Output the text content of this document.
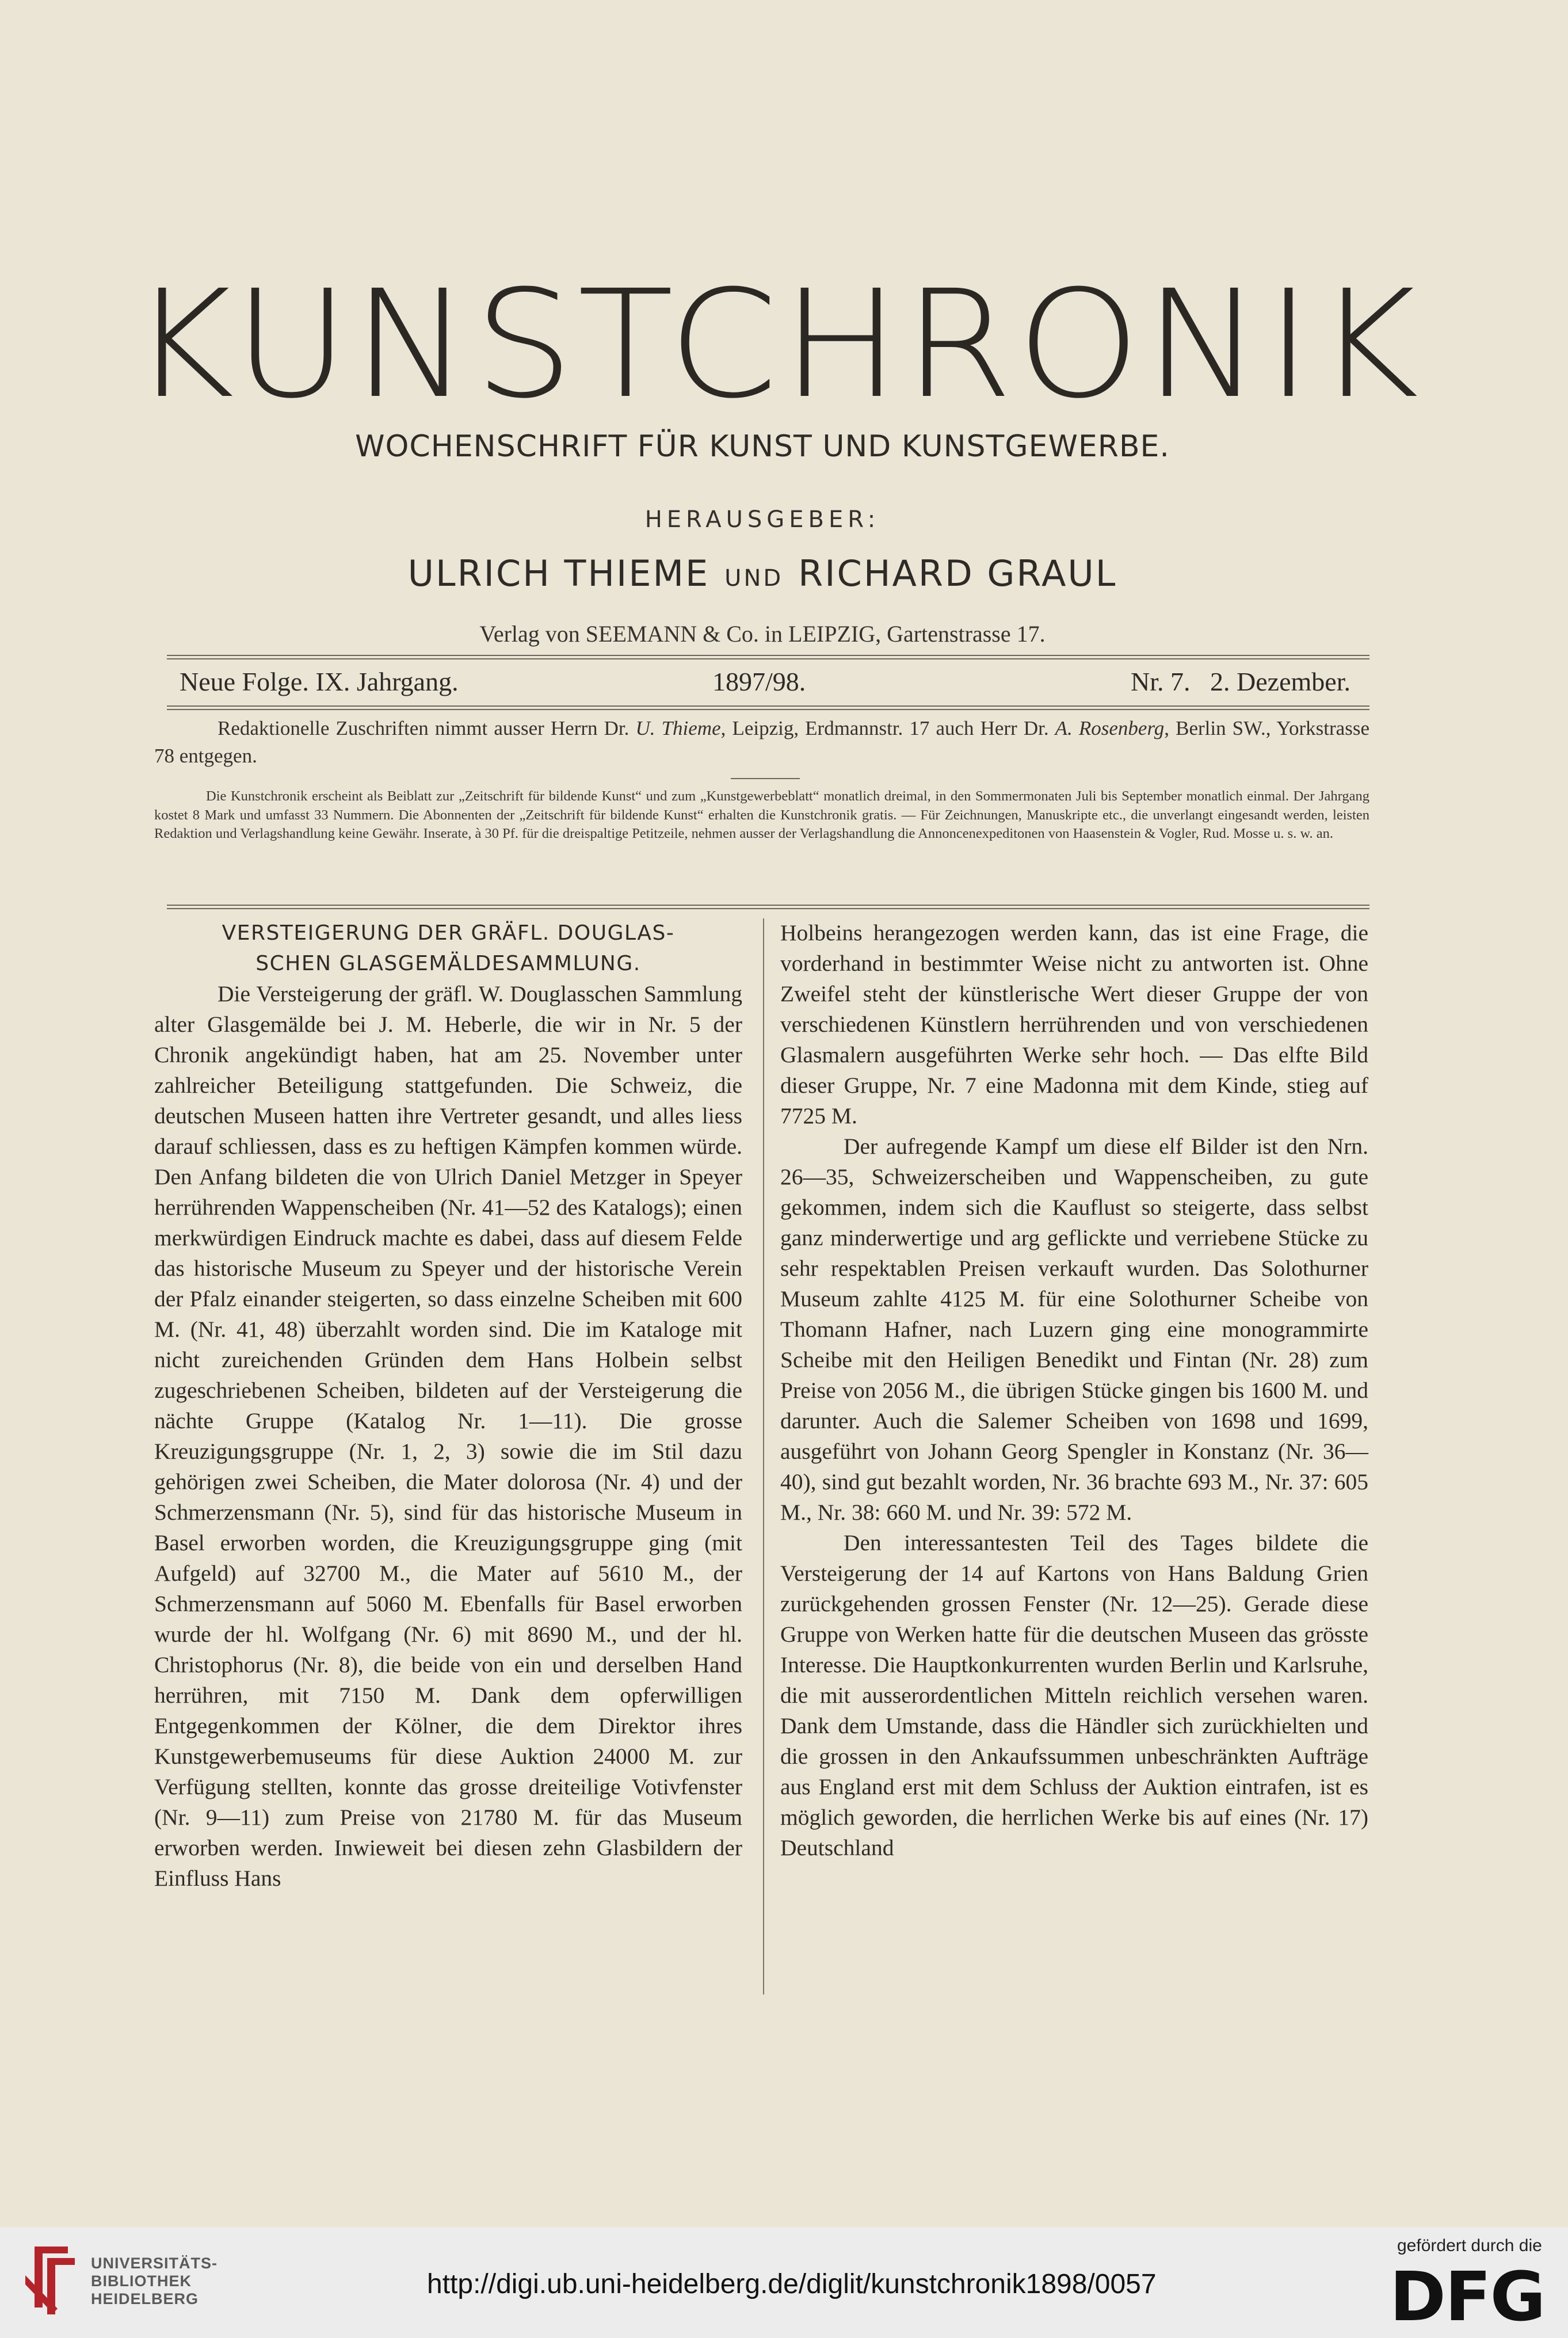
KUNSTCHRONIK
WOCHENSCHRIFT FÜR KUNST UND KUNSTGEWERBE.
HERAUSGEBER:
ULRICH THIEME UND RICHARD GRAUL
Verlag von SEEMANN & Co. in LEIPZIG, Gartenstrasse 17.
Neue Folge. IX. Jahrgang.	1897/98.	Nr. 7.   2. Dezember.
Redaktionelle Zuschriften nimmt ausser Herrn Dr. U. Thieme, Leipzig, Erdmannstr. 17 auch Herr Dr. A. Rosenberg, Berlin SW., Yorkstrasse 78 entgegen.
Die Kunstchronik erscheint als Beiblatt zur „Zeitschrift für bildende Kunst“ und zum „Kunstgewerbeblatt“ monatlich dreimal, in den Sommermonaten Juli bis September monatlich einmal. Der Jahrgang kostet 8 Mark und umfasst 33 Nummern. Die Abonnenten der „Zeitschrift für bildende Kunst“ erhalten die Kunstchronik gratis. — Für Zeichnungen, Manuskripte etc., die unverlangt eingesandt werden, leisten Redaktion und Verlagshandlung keine Gewähr. Inserate, à 30 Pf. für die dreispaltige Petitzeile, nehmen ausser der Verlagshandlung die Annoncenexpeditonen von Haasenstein & Vogler, Rud. Mosse u. s. w. an.
VERSTEIGERUNG DER GRÄFL. DOUGLAS-
SCHEN GLASGEMÄLDESAMMLUNG.

Die Versteigerung der gräfl. W. Douglasschen Sammlung alter Glasgemälde bei J. M. Heberle, die wir in Nr. 5 der Chronik angekündigt haben, hat am 25. November unter zahlreicher Beteiligung stattgefunden. Die Schweiz, die deutschen Museen hatten ihre Vertreter gesandt, und alles liess darauf schliessen, dass es zu heftigen Kämpfen kommen würde. Den Anfang bildeten die von Ulrich Daniel Metzger in Speyer herrührenden Wappenscheiben (Nr. 41—52 des Katalogs); einen merkwürdigen Eindruck machte es dabei, dass auf diesem Felde das historische Museum zu Speyer und der historische Verein der Pfalz einander steigerten, so dass einzelne Scheiben mit 600 M. (Nr. 41, 48) überzahlt worden sind. Die im Kataloge mit nicht zureichenden Gründen dem Hans Holbein selbst zugeschriebenen Scheiben, bildeten auf der Versteigerung die nächte Gruppe (Katalog Nr. 1—11). Die grosse Kreuzigungsgruppe (Nr. 1, 2, 3) sowie die im Stil dazu gehörigen zwei Scheiben, die Mater dolorosa (Nr. 4) und der Schmerzensmann (Nr. 5), sind für das historische Museum in Basel erworben worden, die Kreuzigungsgruppe ging (mit Aufgeld) auf 32700 M., die Mater auf 5610 M., der Schmerzensmann auf 5060 M. Ebenfalls für Basel erworben wurde der hl. Wolfgang (Nr. 6) mit 8690 M., und der hl. Christophorus (Nr. 8), die beide von ein und derselben Hand herrühren, mit 7150 M. Dank dem opferwilligen Entgegenkommen der Kölner, die dem Direktor ihres Kunstgewerbemuseums für diese Auktion 24000 M. zur Verfügung stellten, konnte das grosse dreiteilige Votivfenster (Nr. 9—11) zum Preise von 21780 M. für das Museum erworben werden. Inwieweit bei diesen zehn Glasbildern der Einfluss Hans

Holbeins herangezogen werden kann, das ist eine Frage, die vorderhand in bestimmter Weise nicht zu antworten ist. Ohne Zweifel steht der künstlerische Wert dieser Gruppe der von verschiedenen Künstlern herrührenden und von verschiedenen Glasmalern ausgeführten Werke sehr hoch. — Das elfte Bild dieser Gruppe, Nr. 7 eine Madonna mit dem Kinde, stieg auf 7725 M.

Der aufregende Kampf um diese elf Bilder ist den Nrn. 26—35, Schweizerscheiben und Wappenscheiben, zu gute gekommen, indem sich die Kauflust so steigerte, dass selbst ganz minderwertige und arg geflickte und verriebene Stücke zu sehr respektablen Preisen verkauft wurden. Das Solothurner Museum zahlte 4125 M. für eine Solothurner Scheibe von Thomann Hafner, nach Luzern ging eine monogrammirte Scheibe mit den Heiligen Benedikt und Fintan (Nr. 28) zum Preise von 2056 M., die übrigen Stücke gingen bis 1600 M. und darunter. Auch die Salemer Scheiben von 1698 und 1699, ausgeführt von Johann Georg Spengler in Konstanz (Nr. 36—40), sind gut bezahlt worden, Nr. 36 brachte 693 M., Nr. 37: 605 M., Nr. 38: 660 M. und Nr. 39: 572 M.

Den interessantesten Teil des Tages bildete die Versteigerung der 14 auf Kartons von Hans Baldung Grien zurückgehenden grossen Fenster (Nr. 12—25). Gerade diese Gruppe von Werken hatte für die deutschen Museen das grösste Interesse. Die Hauptkonkurrenten wurden Berlin und Karlsruhe, die mit ausserordentlichen Mitteln reichlich versehen waren. Dank dem Umstande, dass die Händler sich zurückhielten und die grossen in den Ankaufssummen unbeschränkten Aufträge aus England erst mit dem Schluss der Auktion eintrafen, ist es möglich geworden, die herrlichen Werke bis auf eines (Nr. 17) Deutschland

UNIVERSITÄTS-
BIBLIOTHEK
HEIDELBERG	http://digi.ub.uni-heidelberg.de/diglit/kunstchronik1898/0057
gefördert durch die
DFG
